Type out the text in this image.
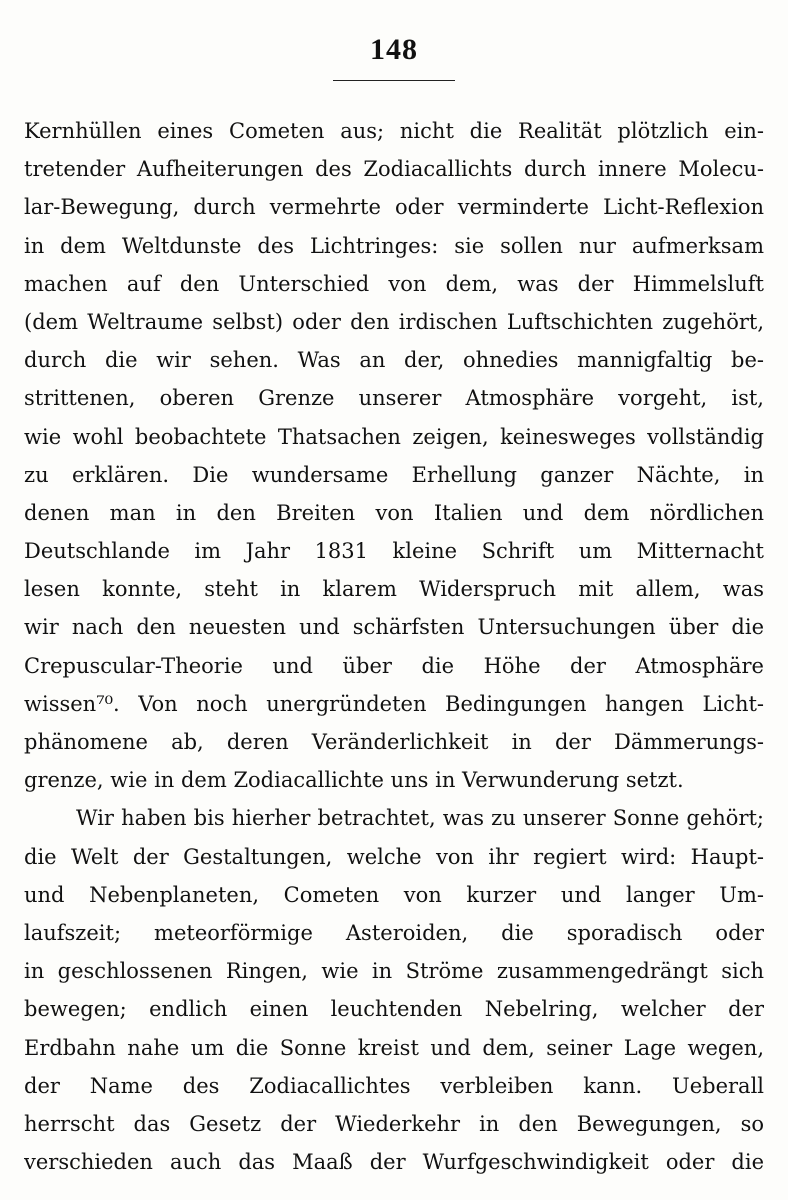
148
Kernhüllen eines Cometen aus; nicht die Realität plötzlich ein-
tretender Aufheiterungen des Zodiacallichts durch innere Molecu-
lar-Bewegung, durch vermehrte oder verminderte Licht-Reflexion
in dem Weltdunste des Lichtringes: sie sollen nur aufmerksam
machen auf den Unterschied von dem, was der Himmelsluft
(dem Weltraume selbst) oder den irdischen Luftschichten zugehört,
durch die wir sehen. Was an der, ohnedies mannigfaltig be-
strittenen, oberen Grenze unserer Atmosphäre vorgeht, ist,
wie wohl beobachtete Thatsachen zeigen, keinesweges vollständig
zu erklären. Die wundersame Erhellung ganzer Nächte, in
denen man in den Breiten von Italien und dem nördlichen
Deutschlande im Jahr 1831 kleine Schrift um Mitternacht
lesen konnte, steht in klarem Widerspruch mit allem, was
wir nach den neuesten und schärfsten Untersuchungen über die
Crepuscular-Theorie und über die Höhe der Atmosphäre
wissen⁷⁰. Von noch unergründeten Bedingungen hangen Licht-
phänomene ab, deren Veränderlichkeit in der Dämmerungs-
grenze, wie in dem Zodiacallichte uns in Verwunderung setzt.
Wir haben bis hierher betrachtet, was zu unserer Sonne gehört;
die Welt der Gestaltungen, welche von ihr regiert wird: Haupt-
und Nebenplaneten, Cometen von kurzer und langer Um-
laufszeit; meteorförmige Asteroiden, die sporadisch oder
in geschlossenen Ringen, wie in Ströme zusammengedrängt sich
bewegen; endlich einen leuchtenden Nebelring, welcher der
Erdbahn nahe um die Sonne kreist und dem, seiner Lage wegen,
der Name des Zodiacallichtes verbleiben kann. Ueberall
herrscht das Gesetz der Wiederkehr in den Bewegungen, so
verschieden auch das Maaß der Wurfgeschwindigkeit oder die
